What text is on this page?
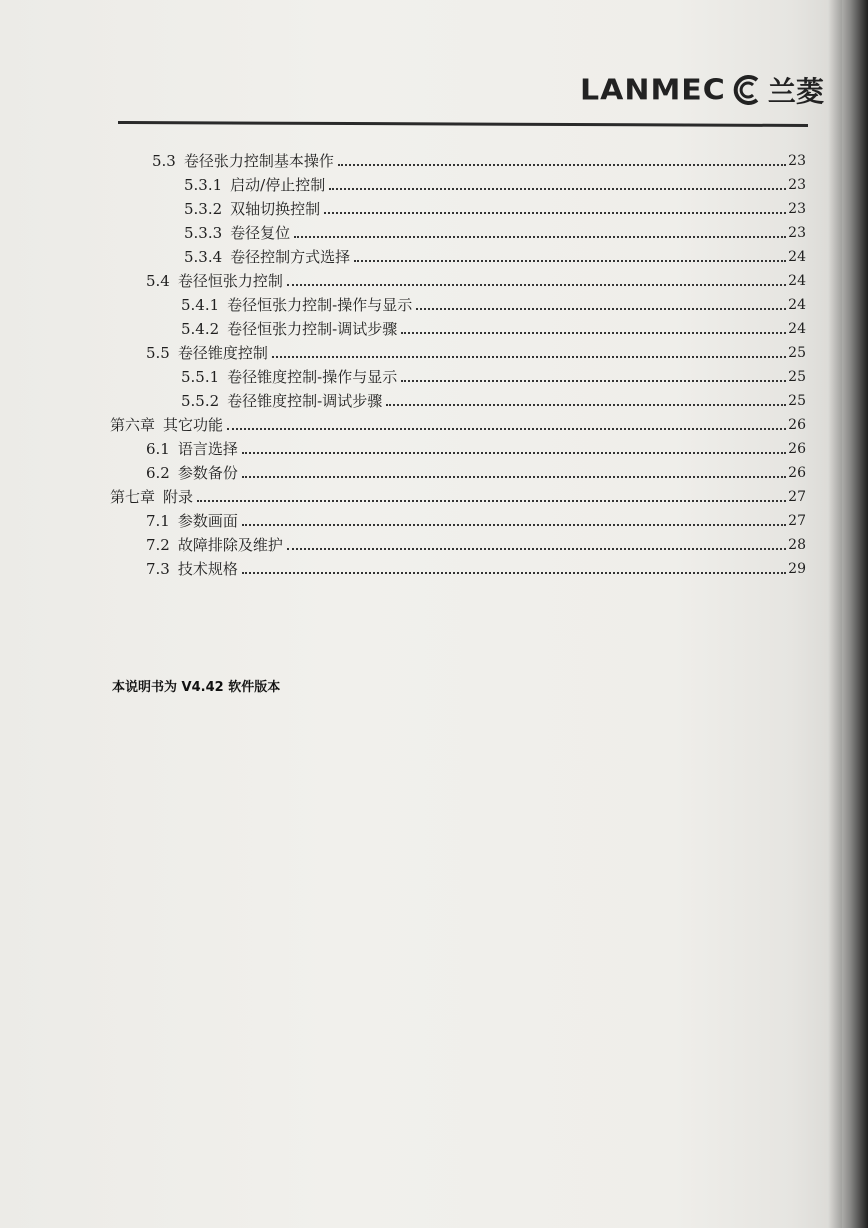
LANMEC 兰菱
5.3 卷径张力控制基本操作	23
5.3.1 启动/停止控制	23
5.3.2 双轴切换控制	23
5.3.3 卷径复位	23
5.3.4 卷径控制方式选择	24
5.4 卷径恒张力控制	24
5.4.1 卷径恒张力控制-操作与显示	24
5.4.2 卷径恒张力控制-调试步骤	24
5.5 卷径锥度控制	25
5.5.1 卷径锥度控制-操作与显示	25
5.5.2 卷径锥度控制-调试步骤	25
第六章 其它功能	26
6.1 语言选择	26
6.2 参数备份	26
第七章 附录	27
7.1 参数画面	27
7.2 故障排除及维护	28
7.3 技术规格	29
本说明书为 V4.42 软件版本
